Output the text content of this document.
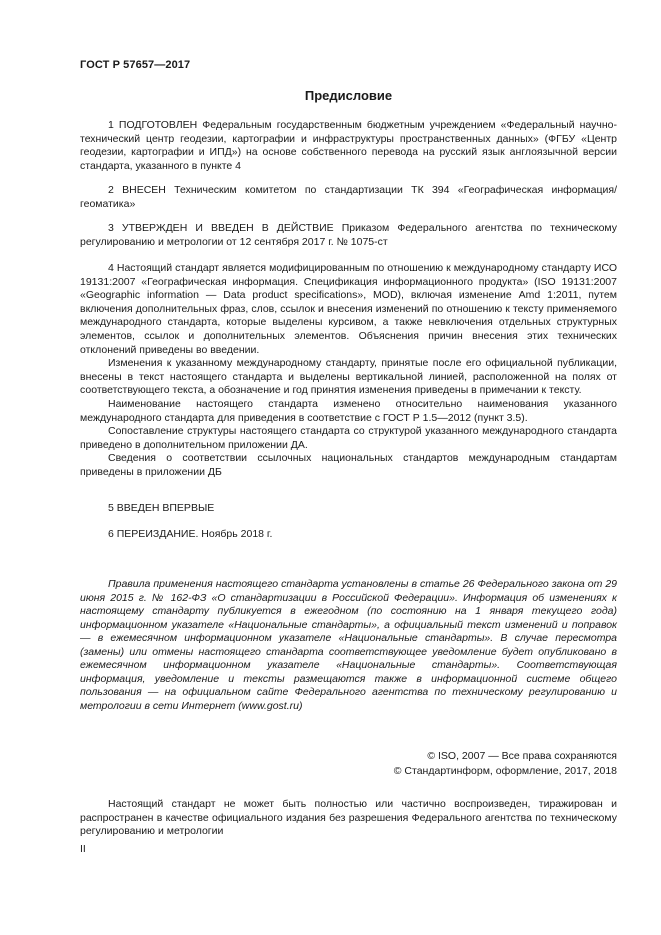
ГОСТ Р 57657—2017
Предисловие

1 ПОДГОТОВЛЕН Федеральным государственным бюджетным учреждением «Федеральный научно-технический центр геодезии, картографии и инфраструктуры пространственных данных» (ФГБУ «Центр геодезии, картографии и ИПД») на основе собственного перевода на русский язык англоязычной версии стандарта, указанного в пункте 4

2 ВНЕСЕН Техническим комитетом по стандартизации ТК 394 «Географическая информация/геоматика»

3 УТВЕРЖДЕН И ВВЕДЕН В ДЕЙСТВИЕ Приказом Федерального агентства по техническому регулированию и метрологии от 12 сентября 2017 г. № 1075-ст

4 Настоящий стандарт является модифицированным по отношению к международному стандарту ИСО 19131:2007 «Географическая информация. Спецификация информационного продукта» (ISO 19131:2007 «Geographic information — Data product specifications», MOD), включая изменение Amd 1:2011, путем включения дополнительных фраз, слов, ссылок и внесения изменений по отношению к тексту применяемого международного стандарта, которые выделены курсивом, а также невключения отдельных структурных элементов, ссылок и дополнительных элементов. Объяснения причин внесения этих технических отклонений приведены во введении.

Изменения к указанному международному стандарту, принятые после его официальной публикации, внесены в текст настоящего стандарта и выделены вертикальной линией, расположенной на полях от соответствующего текста, а обозначение и год принятия изменения приведены в примечании к тексту.

Наименование настоящего стандарта изменено относительно наименования указанного международного стандарта для приведения в соответствие с ГОСТ Р 1.5—2012 (пункт 3.5).

Сопоставление структуры настоящего стандарта со структурой указанного международного стандарта приведено в дополнительном приложении ДА.

Сведения о соответствии ссылочных национальных стандартов международным стандартам приведены в приложении ДБ

5 ВВЕДЕН ВПЕРВЫЕ

6 ПЕРЕИЗДАНИЕ. Ноябрь 2018 г.

Правила применения настоящего стандарта установлены в статье 26 Федерального закона от 29 июня 2015 г. № 162-ФЗ «О стандартизации в Российской Федерации». Информация об изменениях к настоящему стандарту публикуется в ежегодном (по состоянию на 1 января текущего года) информационном указателе «Национальные стандарты», а официальный текст изменений и поправок — в ежемесячном информационном указателе «Национальные стандарты». В случае пересмотра (замены) или отмены настоящего стандарта соответствующее уведомление будет опубликовано в ежемесячном информационном указателе «Национальные стандарты». Соответствующая информация, уведомление и тексты размещаются также в информационной системе общего пользования — на официальном сайте Федерального агентства по техническому регулированию и метрологии в сети Интернет (www.gost.ru)

© ISO, 2007 — Все права сохраняются
© Стандартинформ, оформление, 2017, 2018

Настоящий стандарт не может быть полностью или частично воспроизведен, тиражирован и распространен в качестве официального издания без разрешения Федерального агентства по техническому регулированию и метрологии

II
